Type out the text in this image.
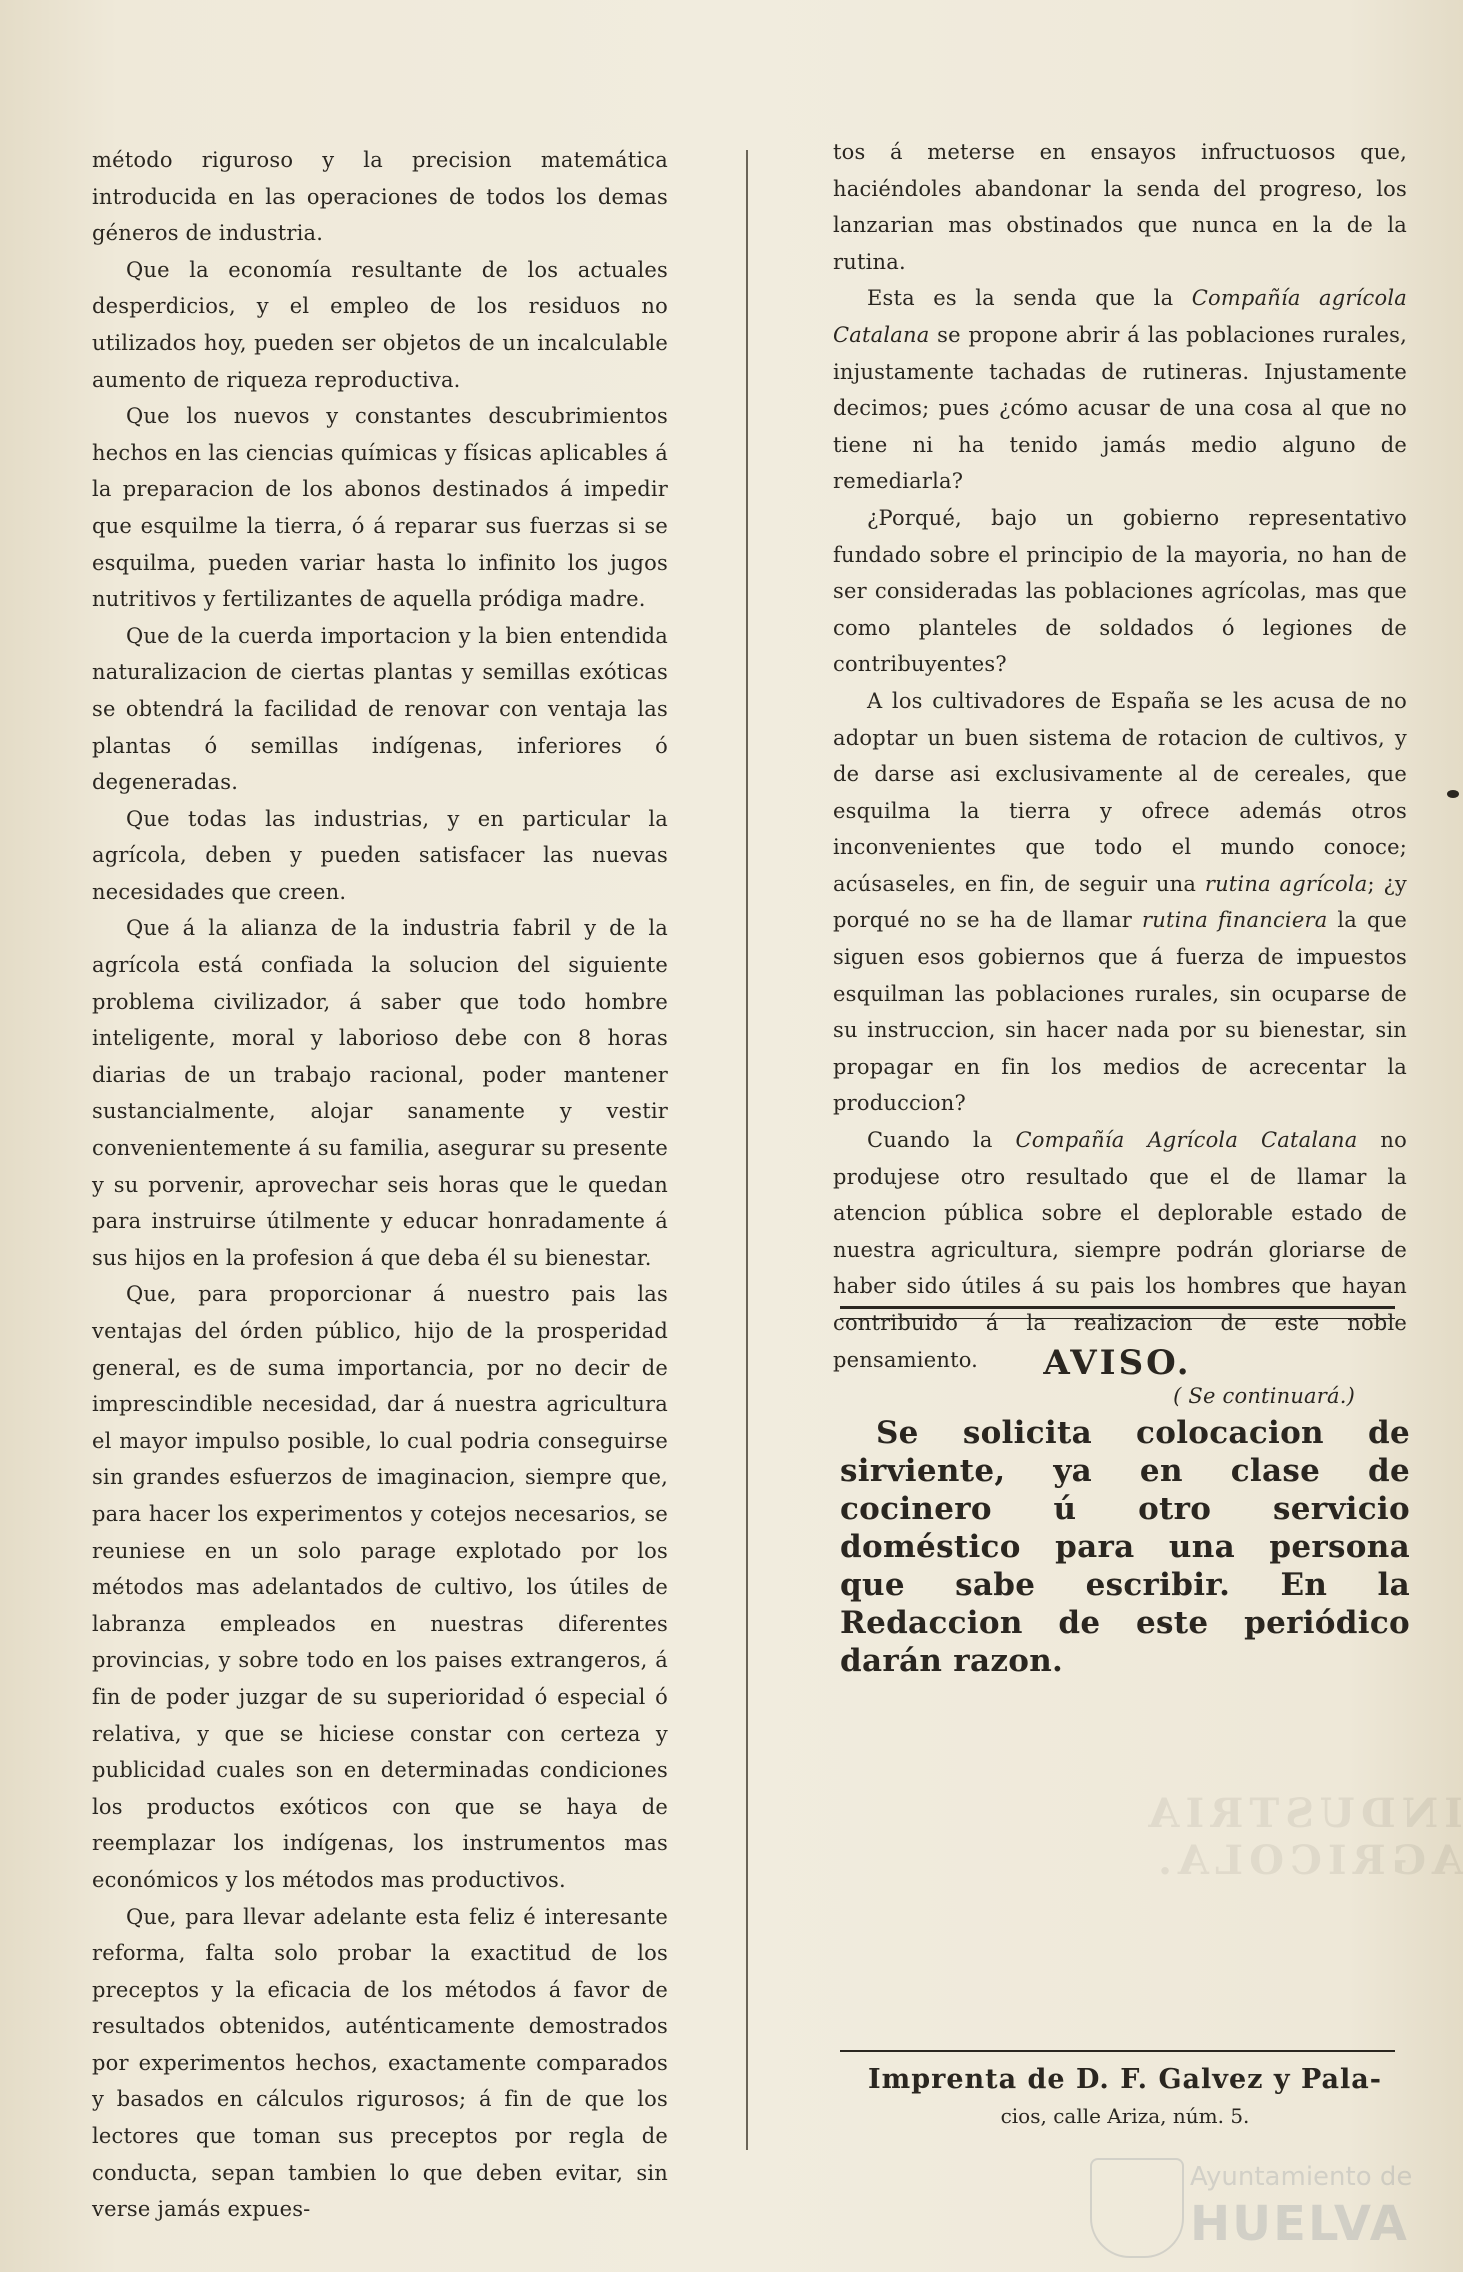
INDUSTRIA AGRICOLA.

método riguroso y la precision matemática introducida en las operaciones de todos los demas géneros de industria.

Que la economía resultante de los actuales desperdicios, y el empleo de los residuos no utilizados hoy, pueden ser objetos de un incalculable aumento de riqueza reproductiva.

Que los nuevos y constantes descubrimientos hechos en las ciencias químicas y físicas aplicables á la preparacion de los abonos destinados á impedir que esquilme la tierra, ó á reparar sus fuerzas si se esquilma, pueden variar hasta lo infinito los jugos nutritivos y fertilizantes de aquella pródiga madre.

Que de la cuerda importacion y la bien entendida naturalizacion de ciertas plantas y semillas exóticas se obtendrá la facilidad de renovar con ventaja las plantas ó semillas indígenas, inferiores ó degeneradas.

Que todas las industrias, y en particular la agrícola, deben y pueden satisfacer las nuevas necesidades que creen.

Que á la alianza de la industria fabril y de la agrícola está confiada la solucion del siguiente problema civilizador, á saber que todo hombre inteligente, moral y laborioso debe con 8 horas diarias de un trabajo racional, poder mantener sustancialmente, alojar sanamente y vestir convenientemente á su familia, asegurar su presente y su porvenir, aprovechar seis horas que le quedan para instruirse útilmente y educar honradamente á sus hijos en la profesion á que deba él su bienestar.

Que, para proporcionar á nuestro pais las ventajas del órden público, hijo de la prosperidad general, es de suma importancia, por no decir de imprescindible necesidad, dar á nuestra agricultura el mayor impulso posible, lo cual podria conseguirse sin grandes esfuerzos de imaginacion, siempre que, para hacer los experimentos y cotejos necesarios, se reuniese en un solo parage explotado por los métodos mas adelantados de cultivo, los útiles de labranza empleados en nuestras diferentes provincias, y sobre todo en los paises extrangeros, á fin de poder juzgar de su superioridad ó especial ó relativa, y que se hiciese constar con certeza y publicidad cuales son en determinadas condiciones los productos exóticos con que se haya de reemplazar los indígenas, los instrumentos mas económicos y los métodos mas productivos.

Que, para llevar adelante esta feliz é interesante reforma, falta solo probar la exactitud de los preceptos y la eficacia de los métodos á favor de resultados obtenidos, auténticamente demostrados por experimentos hechos, exactamente comparados y basados en cálculos rigurosos; á fin de que los lectores que toman sus preceptos por regla de conducta, sepan tambien lo que deben evitar, sin verse jamás expues-

tos á meterse en ensayos infructuosos que, haciéndoles abandonar la senda del progreso, los lanzarian mas obstinados que nunca en la de la rutina.

Esta es la senda que la Compañía agrícola Catalana se propone abrir á las poblaciones rurales, injustamente tachadas de rutineras. Injustamente decimos; pues ¿cómo acusar de una cosa al que no tiene ni ha tenido jamás medio alguno de remediarla?

¿Porqué, bajo un gobierno representativo fundado sobre el principio de la mayoria, no han de ser consideradas las poblaciones agrícolas, mas que como planteles de soldados ó legiones de contribuyentes?

A los cultivadores de España se les acusa de no adoptar un buen sistema de rotacion de cultivos, y de darse asi exclusivamente al de cereales, que esquilma la tierra y ofrece además otros inconvenientes que todo el mundo conoce; acúsaseles, en fin, de seguir una rutina agrícola; ¿y porqué no se ha de llamar rutina financiera la que siguen esos gobiernos que á fuerza de impuestos esquilman las poblaciones rurales, sin ocuparse de su instruccion, sin hacer nada por su bienestar, sin propagar en fin los medios de acrecentar la produccion?

Cuando la Compañía Agrícola Catalana no produjese otro resultado que el de llamar la atencion pública sobre el deplorable estado de nuestra agricultura, siempre podrán gloriarse de haber sido útiles á su pais los hombres que hayan contribuido á la realizacion de este noble pensamiento.

( Se continuará.)
AVISO.
Se solicita colocacion de sirviente, ya en clase de cocinero ú otro servicio doméstico para una persona que sabe escribir. En la Redaccion de este periódico darán razon.
Imprenta de D. F. Galvez y Pala-
cios, calle Ariza, núm. 5.
Ayuntamiento de
HUELVA
